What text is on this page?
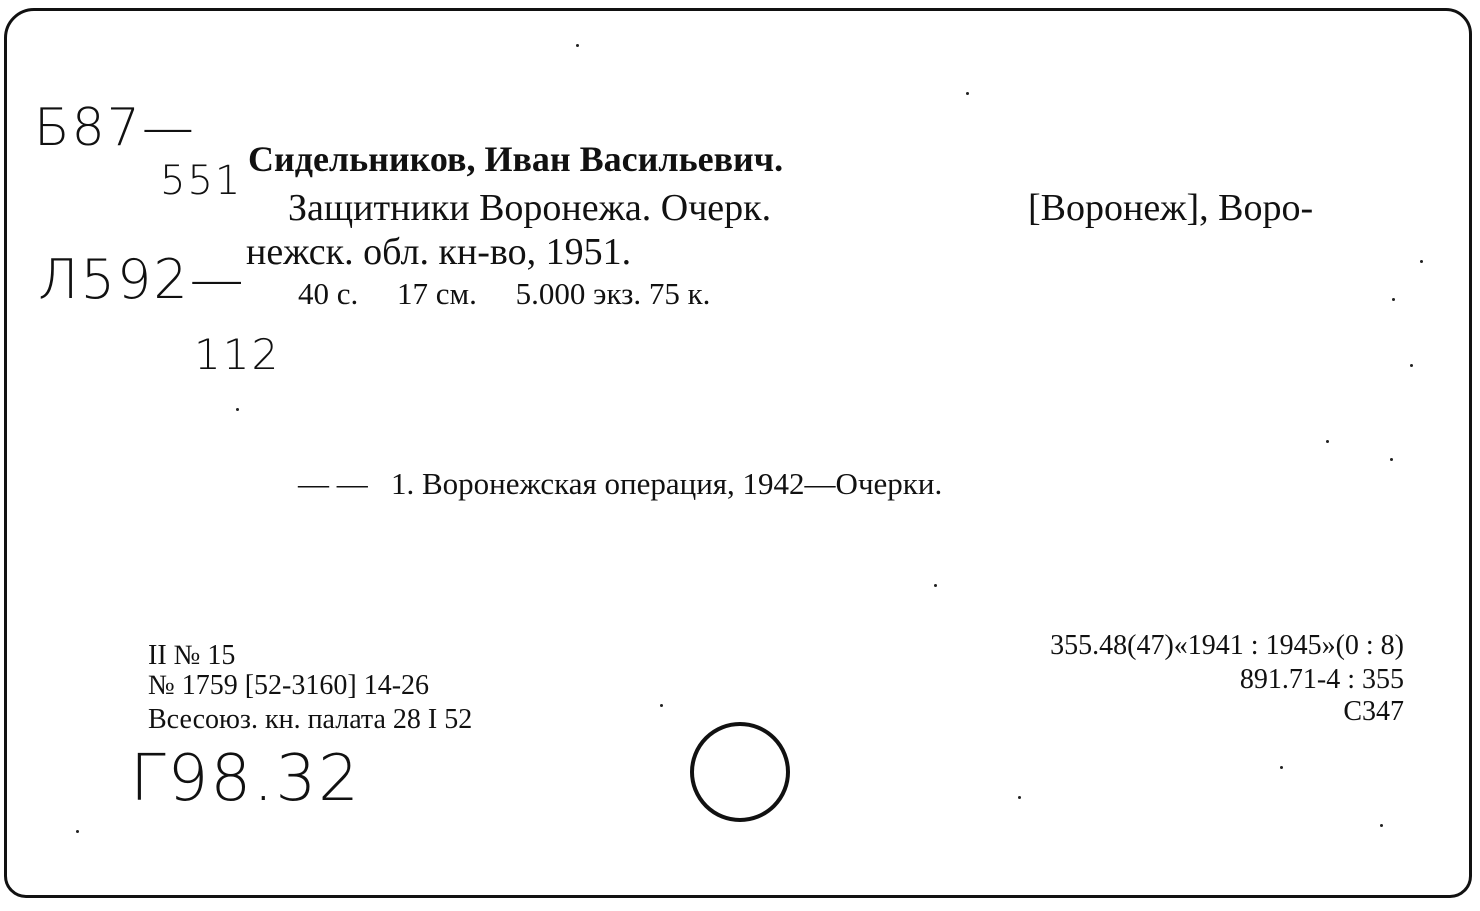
Б87—
551
Л592—
112
Г98.32
Сидельников, Иван Васильевич.
Защитники Воронежа. Очерк.	[Воронеж], Воро-
нежск. обл. кн-во, 1951.
40 с.     17 см.     5.000 экз. 75 к.
— —   1. Воронежская операция, 1942—Очерки.
II № 15
№ 1759 [52-3160] 14-26
Всесоюз. кн. палата 28 I 52
355.48(47)«1941 : 1945»(0 : 8)
891.71-4 : 355
С347
